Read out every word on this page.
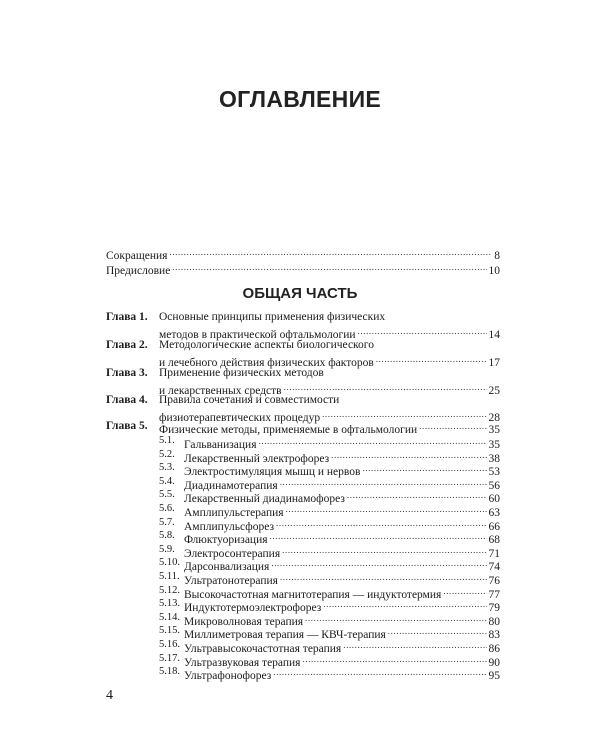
ОГЛАВЛЕНИЕ
Сокращения .....	8
Предисловие .....	10
ОБЩАЯ ЧАСТЬ
Глава 1. Основные принципы применения физических
методов в практической офтальмологии .....	14
Глава 2. Методологические аспекты биологического
и лечебного действия физических факторов .....	17
Глава 3. Применение физических методов
и лекарственных средств .....	25
Глава 4. Правила сочетания и совместимости
физиотерапевтических процедур .....	28
Глава 5. Физические методы, применяемые в офтальмологии .....	35
5.1. Гальванизация .....	35
5.2. Лекарственный электрофорез .....	38
5.3. Электростимуляция мышц и нервов .....	53
5.4. Диадинамотерапия .....	56
5.5. Лекарственный диадинамофорез .....	60
5.6. Амплипульстерапия .....	63
5.7. Амплипульсфорез .....	66
5.8. Флюктуоризация .....	68
5.9. Электросонтерапия .....	71
5.10. Дарсонвализация .....	74
5.11. Ультратонотерапия .....	76
5.12. Высокочастотная магнитотерапия — индуктотермия .....	77
5.13. Индуктотермоэлектрофорез .....	79
5.14. Микроволновая терапия .....	80
5.15. Миллиметровая терапия — КВЧ-терапия .....	83
5.16. Ультравысокочастотная терапия .....	86
5.17. Ультразвуковая терапия .....	90
5.18. Ультрафонофорез .....	95
4
